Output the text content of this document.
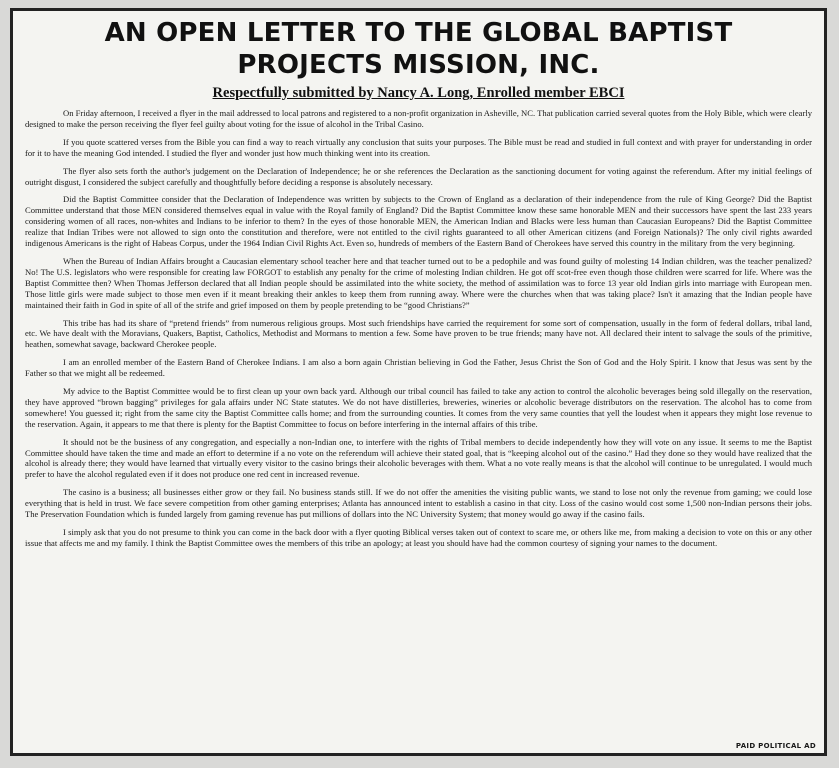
AN OPEN LETTER TO THE GLOBAL BAPTIST PROJECTS MISSION, INC.
Respectfully submitted by Nancy A. Long, Enrolled member EBCI

On Friday afternoon, I received a flyer in the mail addressed to local patrons and registered to a non-profit organization in Asheville, NC. That publication carried several quotes from the Holy Bible, which were clearly designed to make the person receiving the flyer feel guilty about voting for the issue of alcohol in the Tribal Casino.

If you quote scattered verses from the Bible you can find a way to reach virtually any conclusion that suits your purposes. The Bible must be read and studied in full context and with prayer for understanding in order for it to have the meaning God intended. I studied the flyer and wonder just how much thinking went into its creation.

The flyer also sets forth the author's judgement on the Declaration of Independence; he or she references the Declaration as the sanctioning document for voting against the referendum. After my initial feelings of outright disgust, I considered the subject carefully and thoughtfully before deciding a response is absolutely necessary.

Did the Baptist Committee consider that the Declaration of Independence was written by subjects to the Crown of England as a declaration of their independence from the rule of King George? Did the Baptist Committee understand that those MEN considered themselves equal in value with the Royal family of England? Did the Baptist Committee know these same honorable MEN and their successors have spent the last 233 years considering women of all races, non-whites and Indians to be inferior to them? In the eyes of those honorable MEN, the American Indian and Blacks were less human than Caucasian Europeans? Did the Baptist Committee realize that Indian Tribes were not allowed to sign onto the constitution and therefore, were not entitled to the civil rights guaranteed to all other American citizens (and Foreign Nationals)? The only civil rights awarded indigenous Americans is the right of Habeas Corpus, under the 1964 Indian Civil Rights Act. Even so, hundreds of members of the Eastern Band of Cherokees have served this country in the military from the very beginning.

When the Bureau of Indian Affairs brought a Caucasian elementary school teacher here and that teacher turned out to be a pedophile and was found guilty of molesting 14 Indian children, was the teacher penalized? No! The U.S. legislators who were responsible for creating law FORGOT to establish any penalty for the crime of molesting Indian children. He got off scot-free even though those children were scarred for life. Where was the Baptist Committee then? When Thomas Jefferson declared that all Indian people should be assimilated into the white society, the method of assimilation was to force 13 year old Indian girls into marriage with European men. Those little girls were made subject to those men even if it meant breaking their ankles to keep them from running away. Where were the churches when that was taking place? Isn't it amazing that the Indian people have maintained their faith in God in spite of all of the strife and grief imposed on them by people pretending to be “good Christians?”

This tribe has had its share of “pretend friends” from numerous religious groups. Most such friendships have carried the requirement for some sort of compensation, usually in the form of federal dollars, tribal land, etc. We have dealt with the Moravians, Quakers, Baptist, Catholics, Methodist and Mormans to mention a few. Some have proven to be true friends; many have not. All declared their intent to salvage the souls of the primitive, heathen, somewhat savage, backward Cherokee people.

I am an enrolled member of the Eastern Band of Cherokee Indians. I am also a born again Christian believing in God the Father, Jesus Christ the Son of God and the Holy Spirit. I know that Jesus was sent by the Father so that we might all be redeemed.

My advice to the Baptist Committee would be to first clean up your own back yard. Although our tribal council has failed to take any action to control the alcoholic beverages being sold illegally on the reservation, they have approved “brown bagging” privileges for gala affairs under NC State statutes. We do not have distilleries, breweries, wineries or alcoholic beverage distributors on the reservation. The alcohol has to come from somewhere! You guessed it; right from the same city the Baptist Committee calls home; and from the surrounding counties. It comes from the very same counties that yell the loudest when it appears they might lose revenue to the reservation. Again, it appears to me that there is plenty for the Baptist Committee to focus on before interfering in the internal affairs of this tribe.

It should not be the business of any congregation, and especially a non-Indian one, to interfere with the rights of Tribal members to decide independently how they will vote on any issue. It seems to me the Baptist Committee should have taken the time and made an effort to determine if a no vote on the referendum will achieve their stated goal, that is “keeping alcohol out of the casino.” Had they done so they would have realized that the alcohol is already there; they would have learned that virtually every visitor to the casino brings their alcoholic beverages with them. What a no vote really means is that the alcohol will continue to be unregulated. I would much prefer to have the alcohol regulated even if it does not produce one red cent in increased revenue.

The casino is a business; all businesses either grow or they fail. No business stands still. If we do not offer the amenities the visiting public wants, we stand to lose not only the revenue from gaming; we could lose everything that is held in trust. We face severe competition from other gaming enterprises; Atlanta has announced intent to establish a casino in that city. Loss of the casino would cost some 1,500 non-Indian persons their jobs. The Preservation Foundation which is funded largely from gaming revenue has put millions of dollars into the NC University System; that money would go away if the casino fails.

I simply ask that you do not presume to think you can come in the back door with a flyer quoting Biblical verses taken out of context to scare me, or others like me, from making a decision to vote on this or any other issue that affects me and my family. I think the Baptist Committee owes the members of this tribe an apology; at least you should have had the common courtesy of signing your names to the document.

PAID POLITICAL AD
